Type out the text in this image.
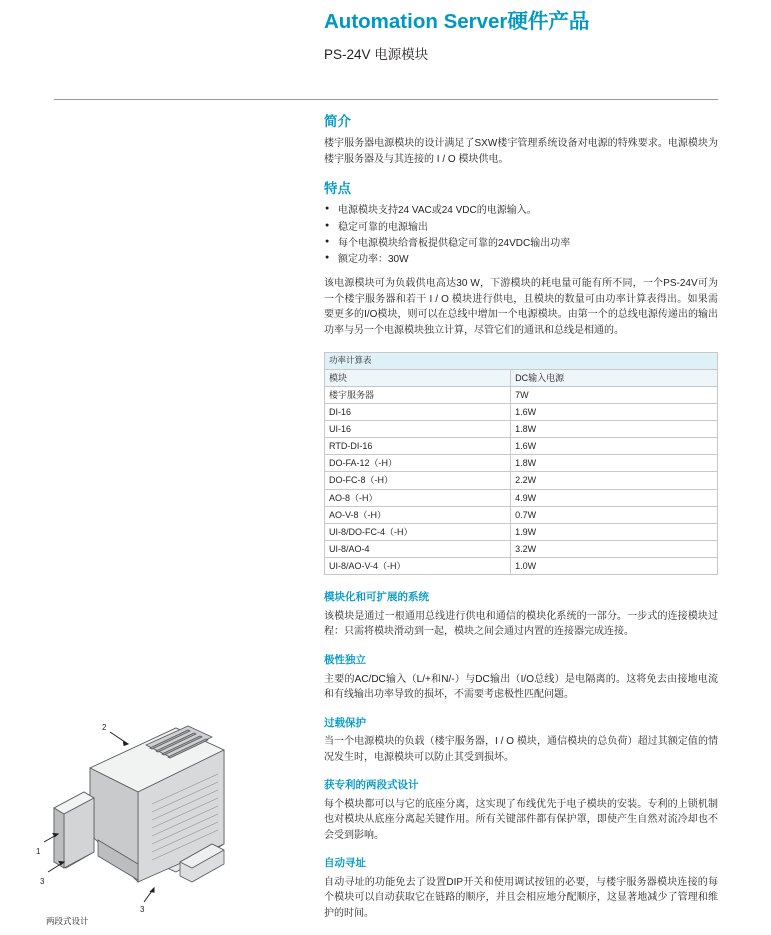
Automation Server硬件产品
PS-24V 电源模块
简介

楼宇服务器电源模块的设计满足了SXW楼宇管理系统设备对电源的特殊要求。电源模块为楼宇服务器及与其连接的 I / O 模块供电。

特点
● 电源模块支持24 VAC或24 VDC的电源输入。
● 稳定可靠的电源输出
● 每个电源模块给膏板提供稳定可靠的24VDC输出功率
● 额定功率：30W

该电源模块可为负载供电高达30 W，下游模块的耗电量可能有所不同，一个PS-24V可为一个楼宇服务器和若干 I / O 模块进行供电，且模块的数量可由功率计算表得出。如果需要更多的I/O模块，则可以在总线中增加一个电源模块。由第一个的总线电源传递出的输出功率与另一个电源模块独立计算，尽管它们的通讯和总线是相通的。

功率计算表	
模块	DC输入电源
楼宇服务器	7W
DI-16	1.6W
UI-16	1.8W
RTD-DI-16	1.6W
DO-FA-12（-H）	1.8W
DO-FC-8（-H）	2.2W
AO-8（-H）	4.9W
AO-V-8（-H）	0.7W
UI-8/DO-FC-4（-H）	1.9W
UI-8/AO-4	3.2W
UI-8/AO-V-4（-H）	1.0W
模块化和可扩展的系统

该模块是通过一根通用总线进行供电和通信的模块化系统的一部分。一步式的连接模块过程：只需将模块滑动到一起，模块之间会通过内置的连接器完成连接。

极性独立

主要的AC/DC输入（L/+和N/-）与DC输出（I/O总线）是电隔离的。这将免去由接地电流和有线输出功率导致的损坏，不需要考虑极性匹配问题。

过载保护

当一个电源模块的负载（楼宇服务器，I / O 模块，通信模块的总负荷）超过其额定值的情况发生时，电源模块可以防止其受到损坏。

获专利的两段式设计

每个模块都可以与它的底座分离，这实现了布线优先于电子模块的安装。专利的上锁机制也对模块从底座分离起关键作用。所有关键部件都有保护罩，即使产生自然对流冷却也不会受到影响。

自动寻址

自动寻址的功能免去了设置DIP开关和使用调试按钮的必要，与楼宇服务器模块连接的每个模块可以自动获取它在链路的顺序，并且会相应地分配顺序，这显著地减少了管理和维护的时间。

1
2
3
3
两段式设计
